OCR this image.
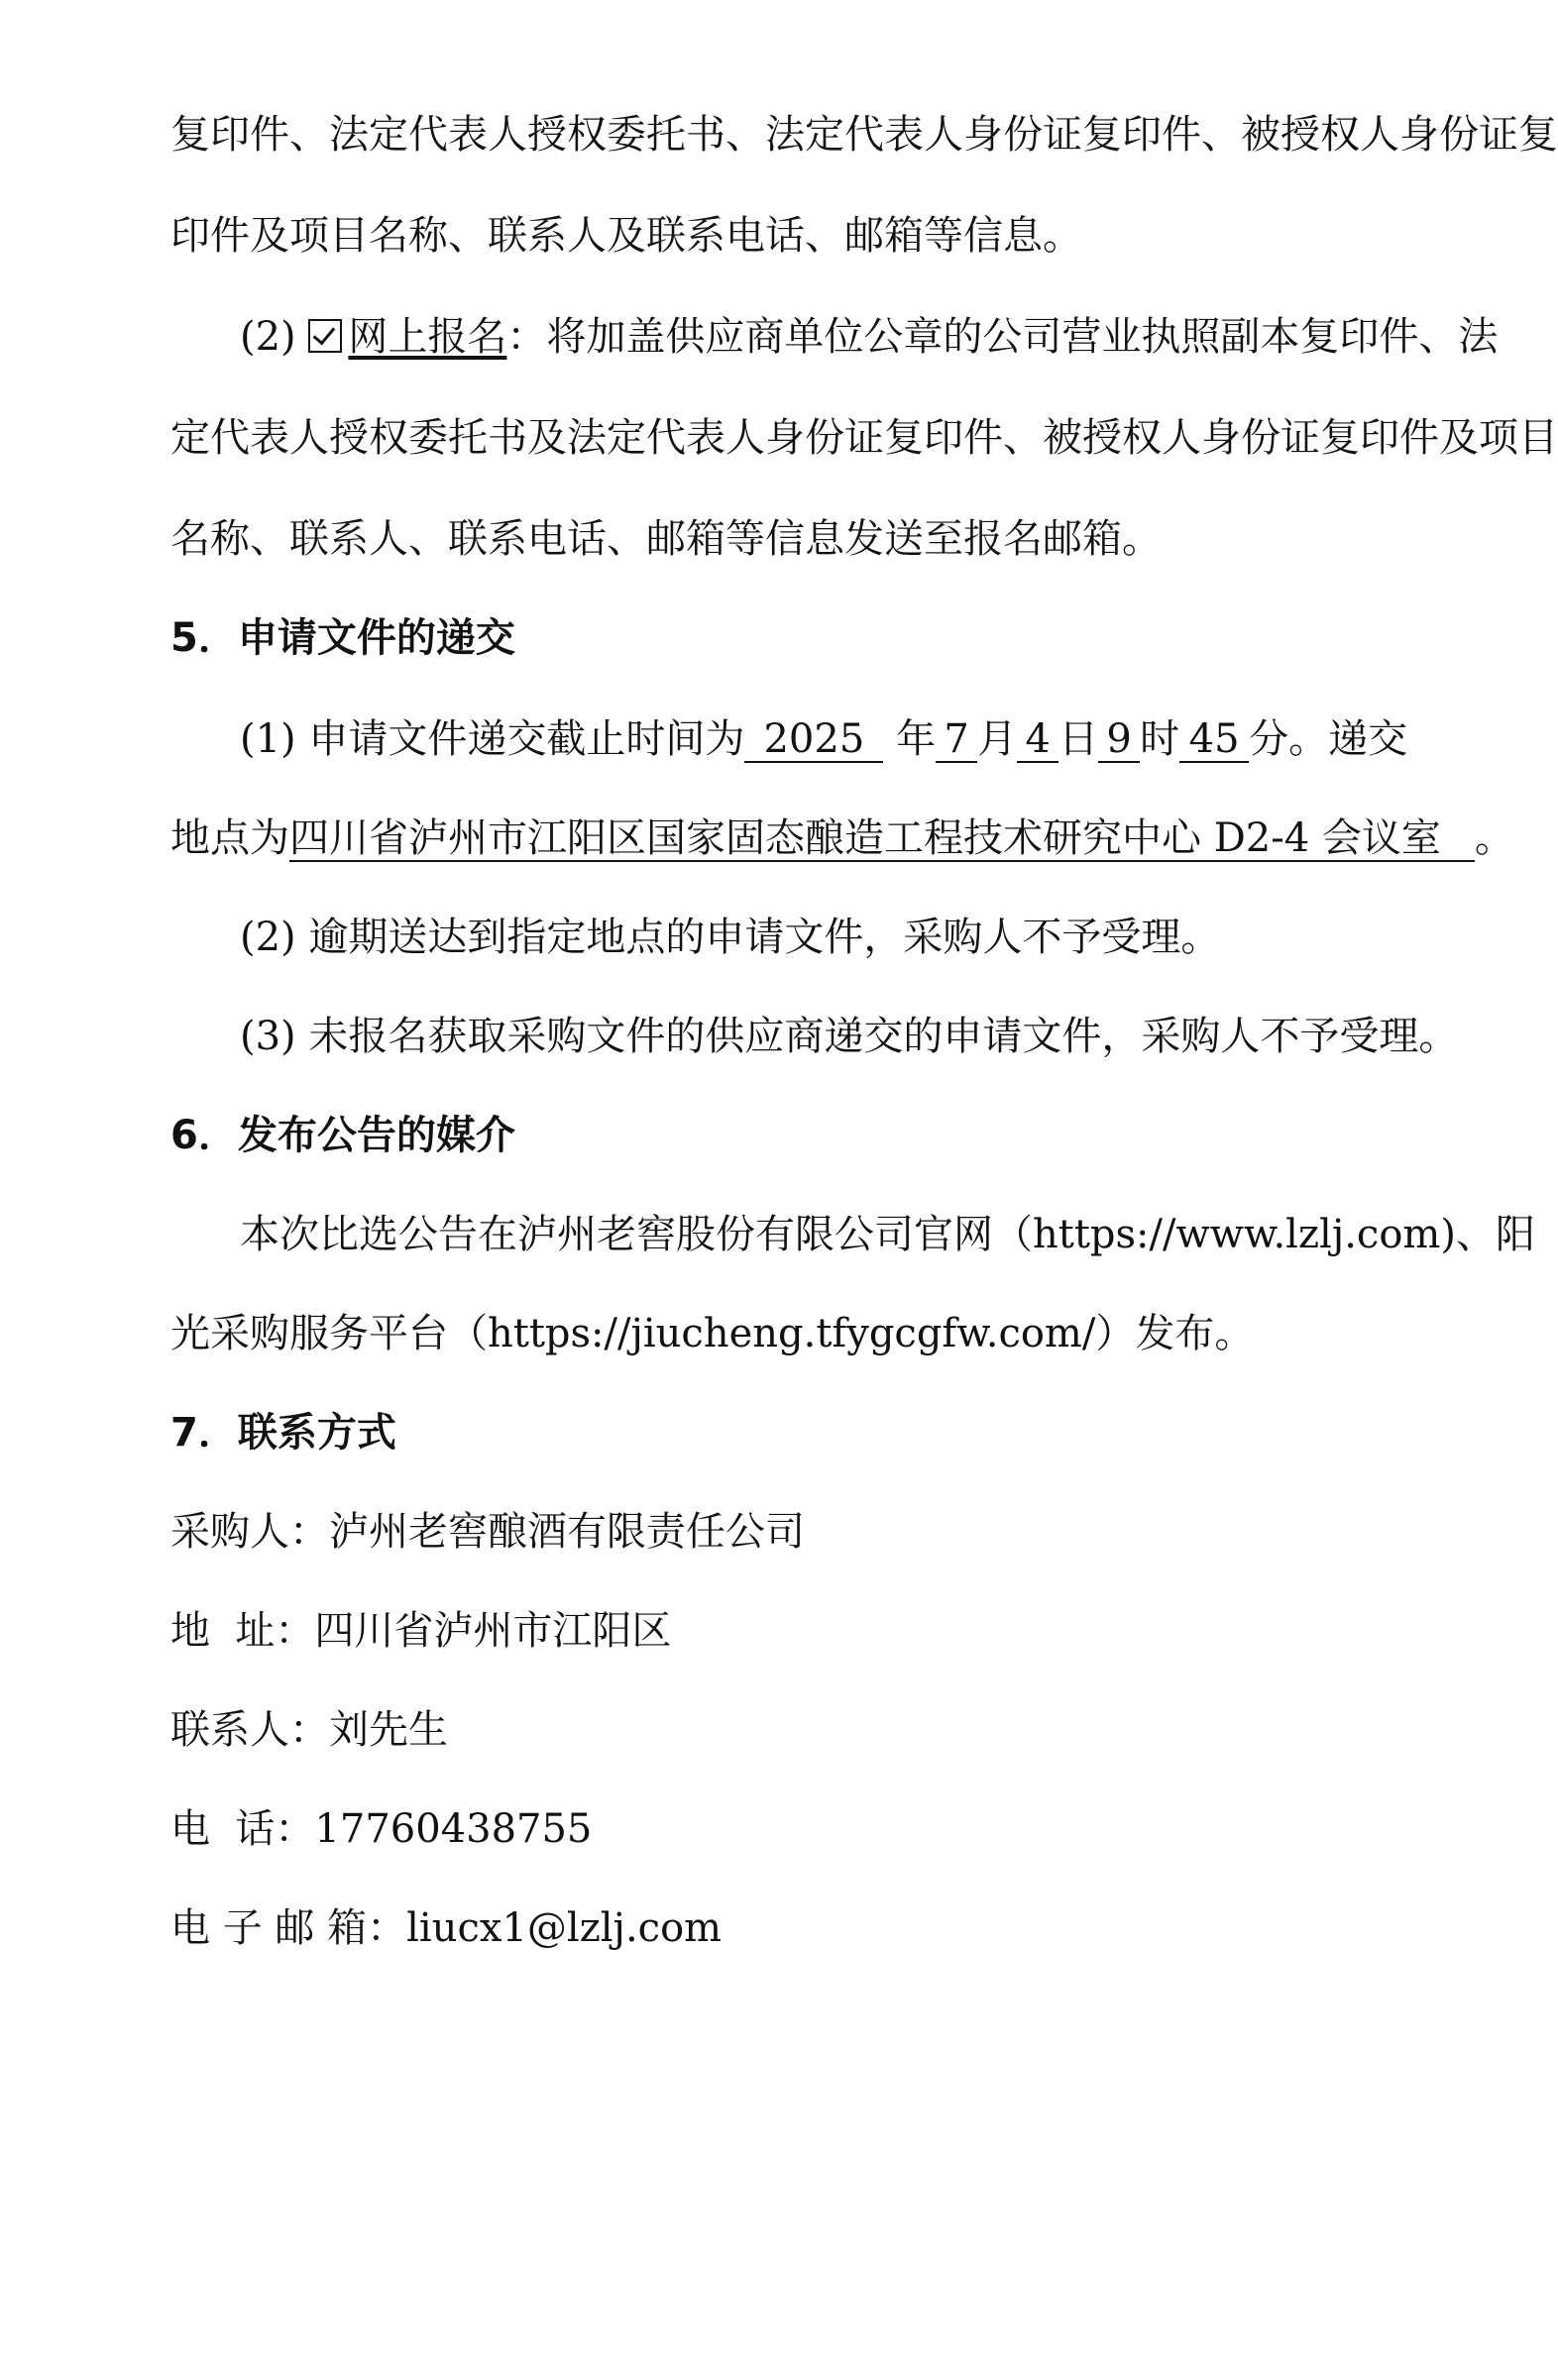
复印件、法定代表人授权委托书、法定代表人身份证复印件、被授权人身份证复
印件及项目名称、联系人及联系电话、邮箱等信息。
(2) 网上报名：将加盖供应商单位公章的公司营业执照副本复印件、法
定代表人授权委托书及法定代表人身份证复印件、被授权人身份证复印件及项目
名称、联系人、联系电话、邮箱等信息发送至报名邮箱。
5．申请文件的递交
(1) 申请文件递交截止时间为 2025 年 7 月 4 日 9 时 45 分。递交
地点为四川省泸州市江阳区国家固态酿造工程技术研究中心 D2-4 会议室 。
(2) 逾期送达到指定地点的申请文件，采购人不予受理。
(3) 未报名获取采购文件的供应商递交的申请文件，采购人不予受理。
6．发布公告的媒介
本次比选公告在泸州老窖股份有限公司官网（https://www.lzlj.com)、阳
光采购服务平台（https://jiucheng.tfygcgfw.com/）发布。
7．联系方式
采购人：泸州老窖酿酒有限责任公司
地  址：四川省泸州市江阳区
联系人：刘先生
电  话：17760438755
电 子 邮 箱：liucx1@lzlj.com
